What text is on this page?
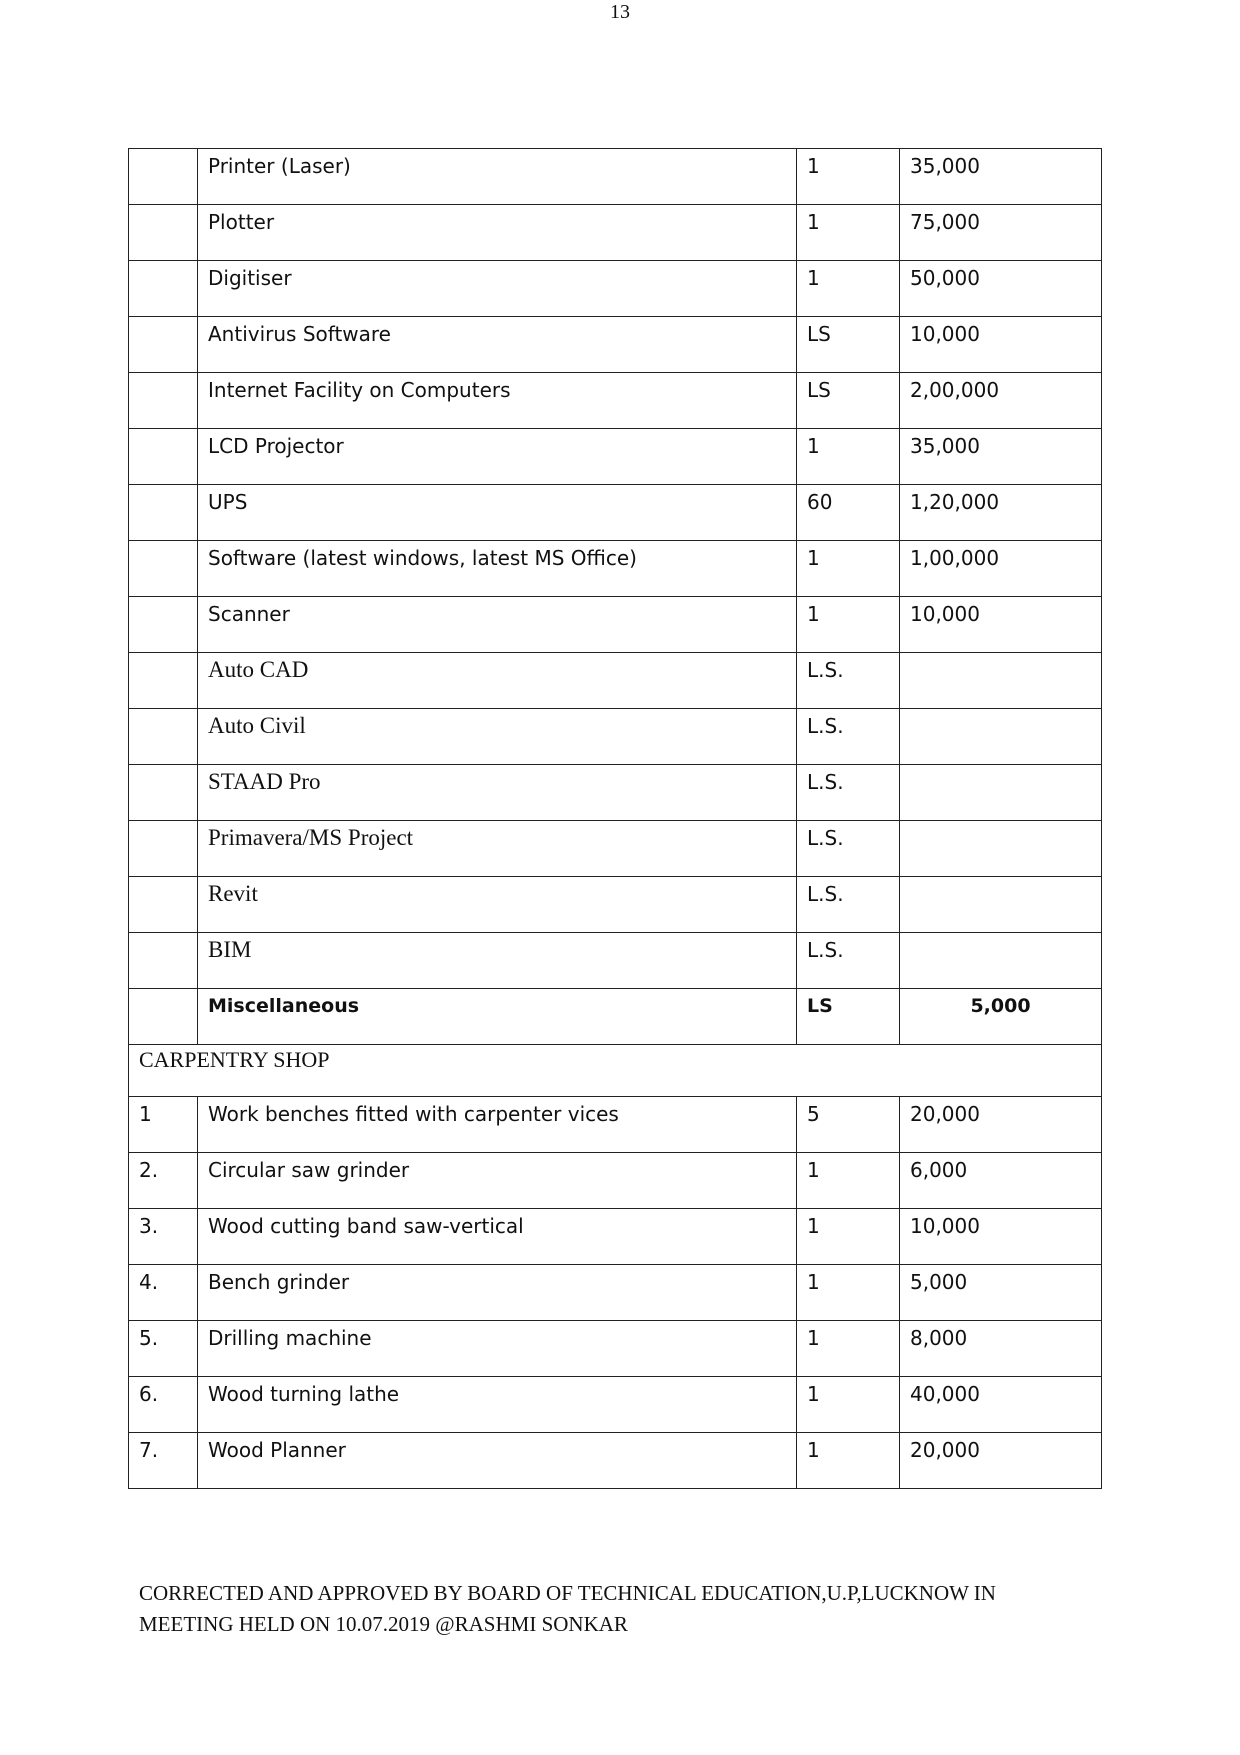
13
	Printer (Laser)	1	35,000
	Plotter	1	75,000
	Digitiser	1	50,000
	Antivirus Software	LS	10,000
	Internet Facility on Computers	LS	2,00,000
	LCD Projector	1	35,000
	UPS	60	1,20,000
	Software (latest windows, latest MS Office)	1	1,00,000
	Scanner	1	10,000
	Auto CAD	L.S.	
	Auto Civil	L.S.	
	STAAD Pro	L.S.	
	Primavera/MS Project	L.S.	
	Revit	L.S.	
	BIM	L.S.	
	Miscellaneous	LS	5,000
CARPENTRY SHOP			
1	Work benches fitted with carpenter vices	5	20,000
2.	Circular saw grinder	1	6,000
3.	Wood cutting band saw-vertical	1	10,000
4.	Bench grinder	1	5,000
5.	Drilling machine	1	8,000
6.	Wood turning lathe	1	40,000
7.	Wood Planner	1	20,000
CORRECTED AND APPROVED BY BOARD OF TECHNICAL EDUCATION,U.P,LUCKNOW IN
MEETING HELD ON 10.07.2019 @RASHMI SONKAR
